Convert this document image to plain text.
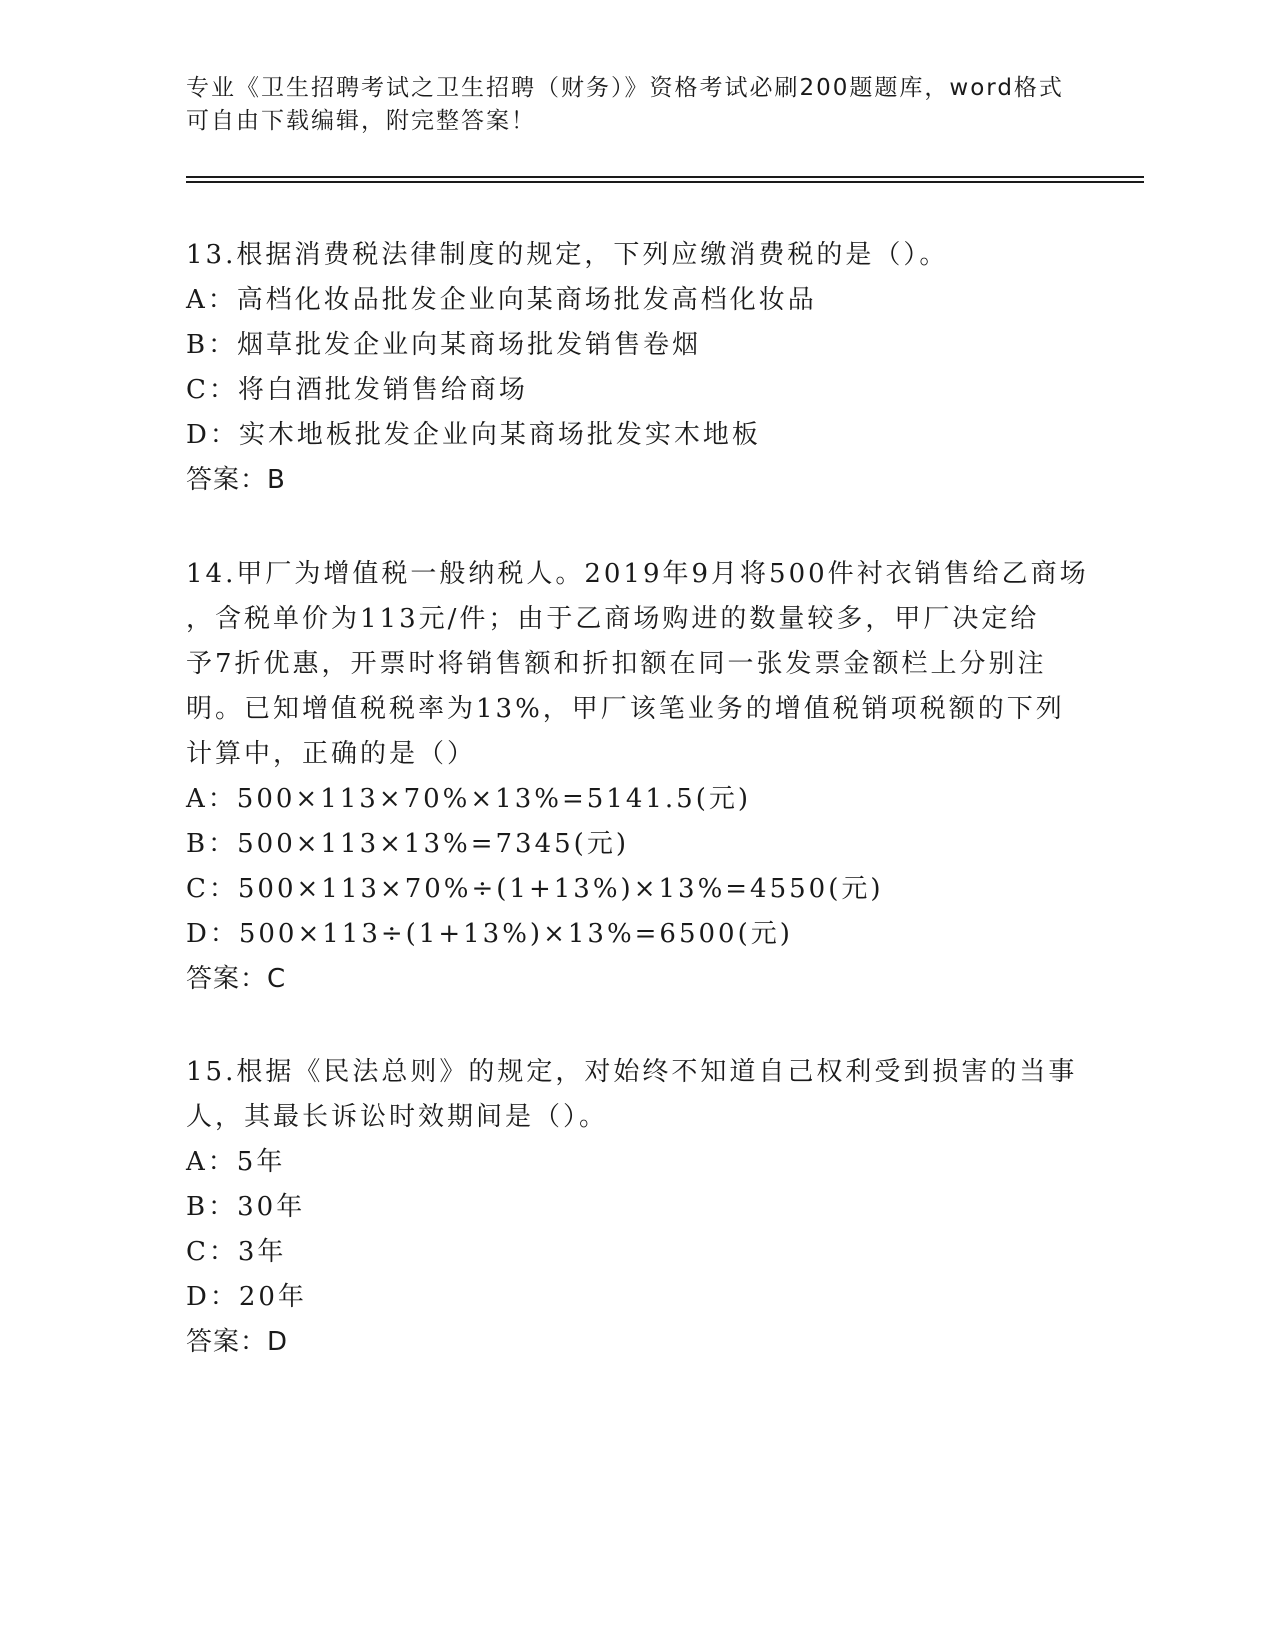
专业《卫生招聘考试之卫生招聘（财务）》资格考试必刷200题题库，word格式
可自由下载编辑，附完整答案！
13.根据消费税法律制度的规定，下列应缴消费税的是（）。
A：高档化妆品批发企业向某商场批发高档化妆品
B：烟草批发企业向某商场批发销售卷烟
C：将白酒批发销售给商场
D：实木地板批发企业向某商场批发实木地板
答案：B
14.甲厂为增值税一般纳税人。2019年9月将500件衬衣销售给乙商场
，含税单价为113元/件；由于乙商场购进的数量较多，甲厂决定给
予7折优惠，开票时将销售额和折扣额在同一张发票金额栏上分别注
明。已知增值税税率为13%，甲厂该笔业务的增值税销项税额的下列
计算中，正确的是（）
A：500×113×70%×13%=5141.5(元)
B：500×113×13%=7345(元)
C：500×113×70%÷(1+13%)×13%=4550(元)
D：500×113÷(1+13%)×13%=6500(元)
答案：C
15.根据《民法总则》的规定，对始终不知道自己权利受到损害的当事
人，其最长诉讼时效期间是（）。
A：5年
B：30年
C：3年
D：20年
答案：D
